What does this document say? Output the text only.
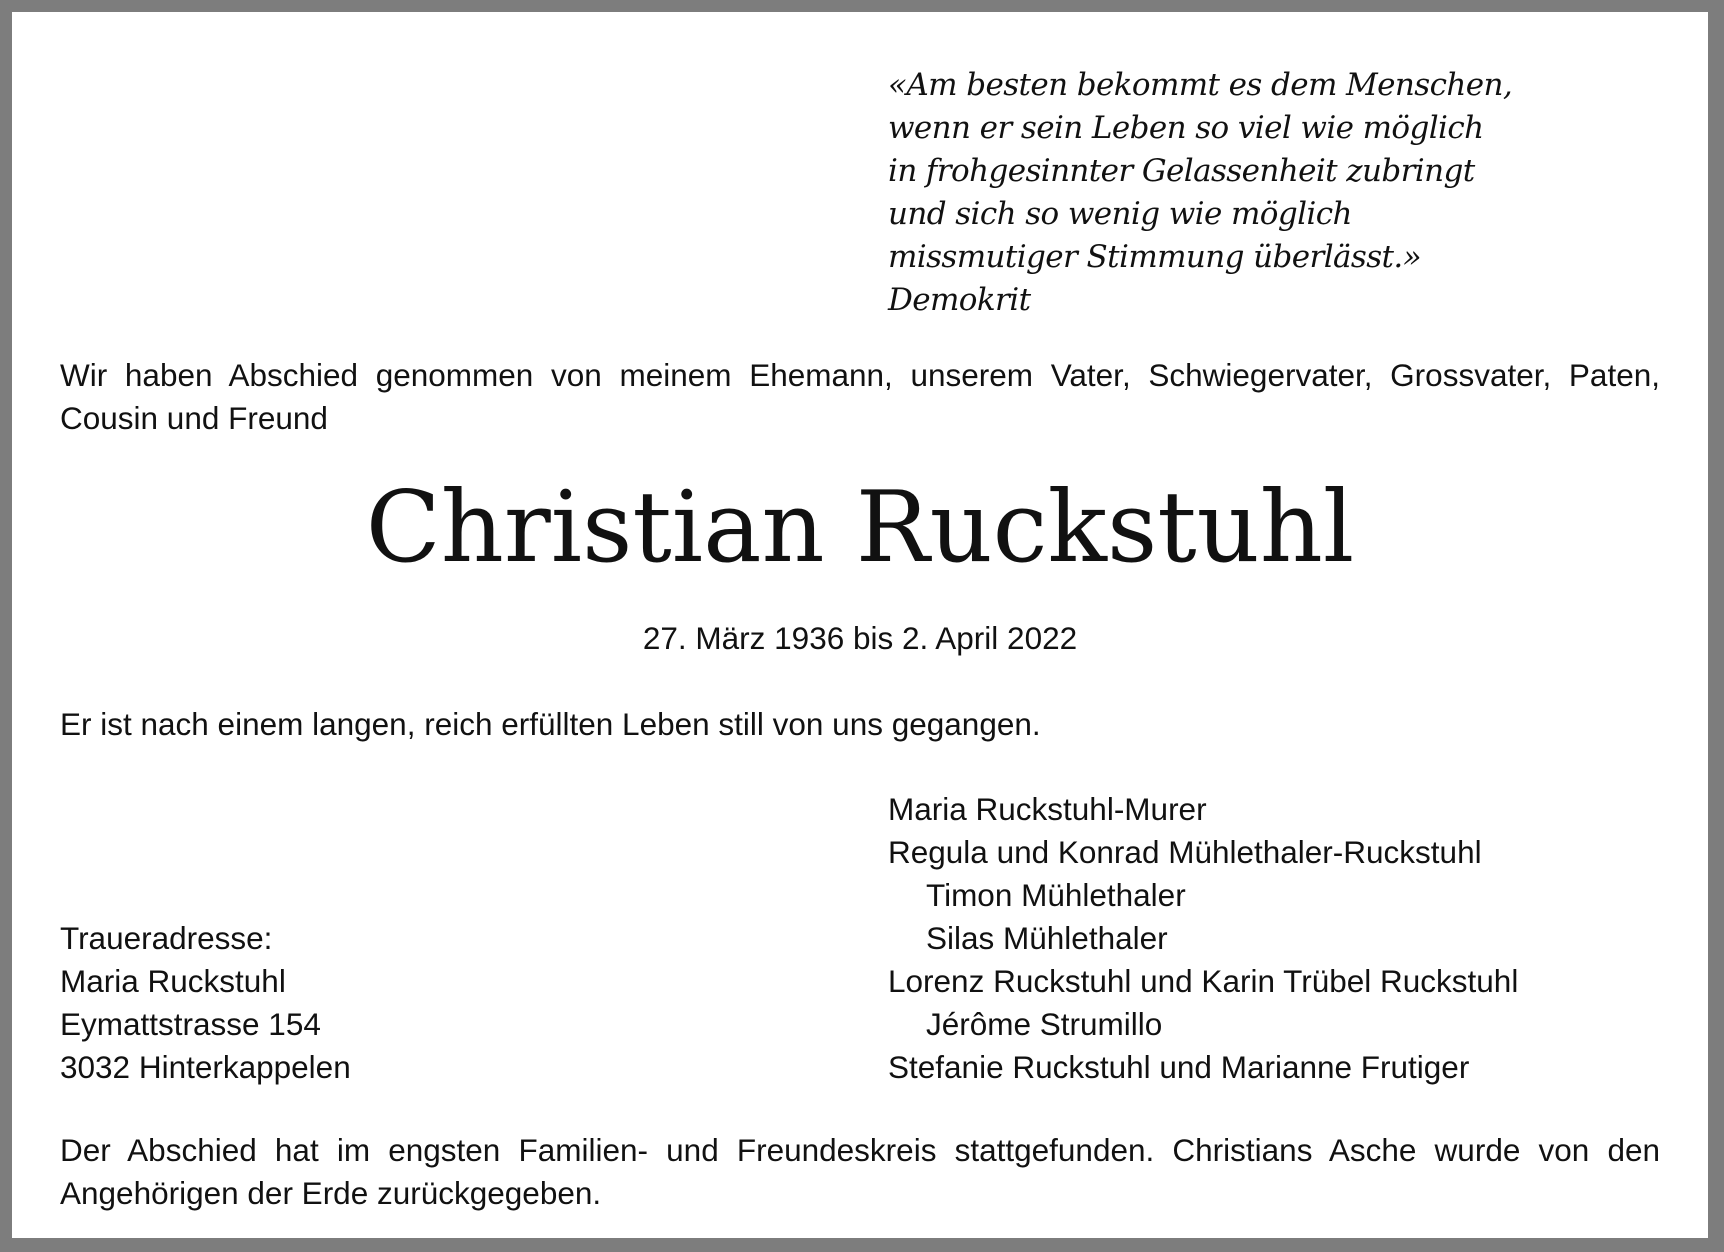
«Am besten bekommt es dem Menschen,
wenn er sein Leben so viel wie möglich
in frohgesinnter Gelassenheit zubringt
und sich so wenig wie möglich
missmutiger Stimmung überlässt.»
Demokrit
Wir haben Abschied genommen von meinem Ehemann, unserem Vater, Schwiegervater, Grossvater, Paten, Cousin und Freund
Christian Ruckstuhl
27. März 1936 bis 2. April 2022
Er ist nach einem langen, reich erfüllten Leben still von uns gegangen.
Maria Ruckstuhl-Murer
Regula und Konrad Mühlethaler-Ruckstuhl
Timon Mühlethaler
Silas Mühlethaler
Lorenz Ruckstuhl und Karin Trübel Ruckstuhl
Jérôme Strumillo
Stefanie Ruckstuhl und Marianne Frutiger
Traueradresse:
Maria Ruckstuhl
Eymattstrasse 154
3032 Hinterkappelen
Der Abschied hat im engsten Familien- und Freundeskreis stattgefunden. Christians Asche wurde von den Angehörigen der Erde zurückgegeben.
